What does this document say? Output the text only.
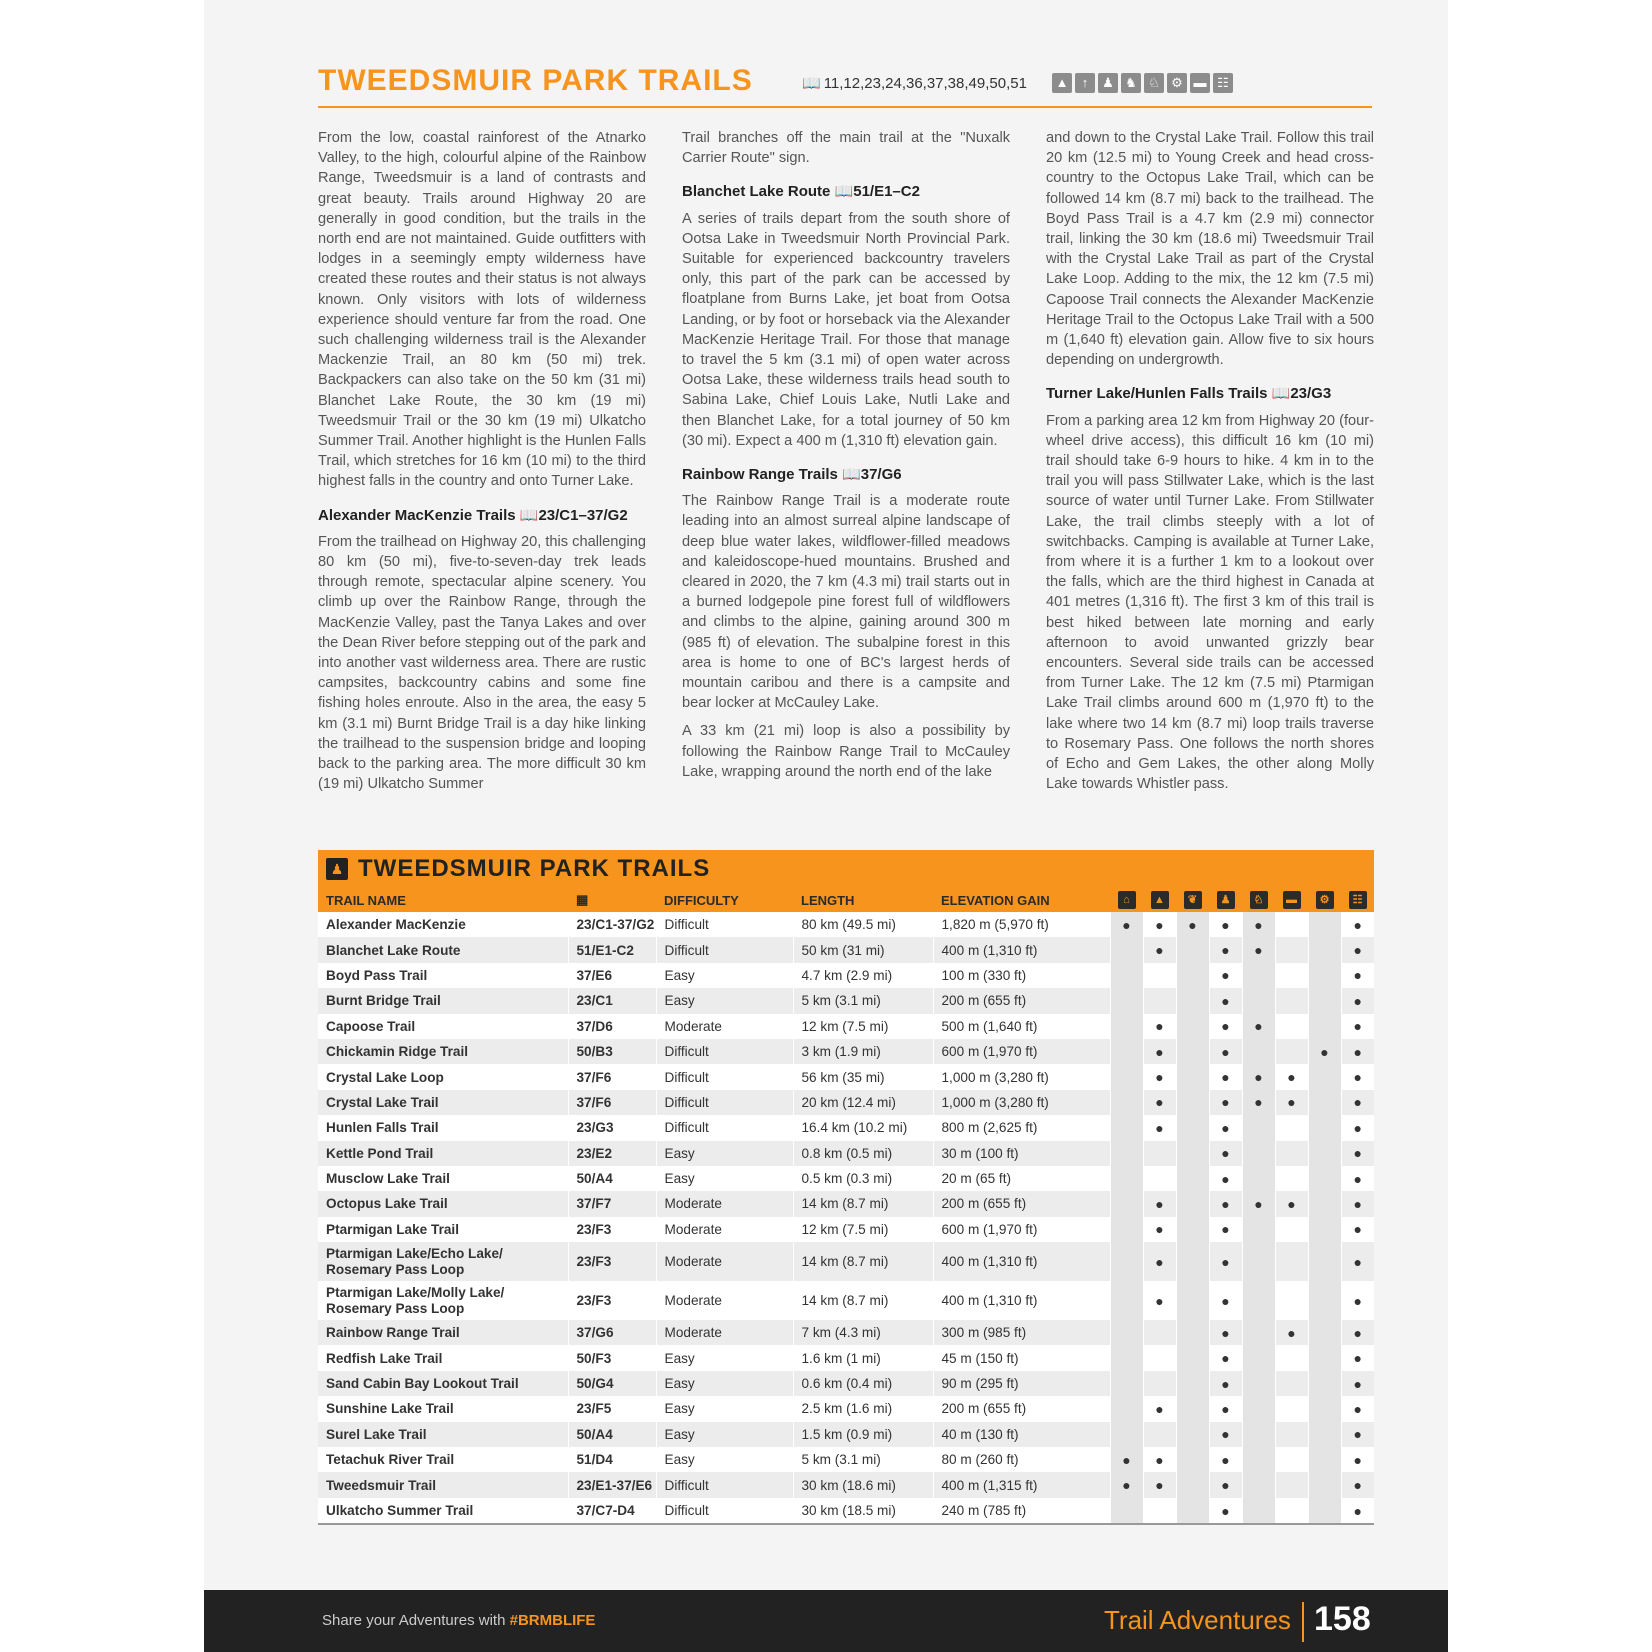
TWEEDSMUIR PARK TRAILS	📖 11,12,23,24,36,37,38,49,50,51 ▲	↑	♟ ♞ ♘ ⚙ ▬ ☷

From the low, coastal rainforest of the Atnarko Valley, to the high, colourful alpine of the Rainbow Range, Tweedsmuir is a land of contrasts and great beauty. Trails around Highway 20 are generally in good condition, but the trails in the north end are not maintained. Guide outfitters with lodges in a seemingly empty wilderness have created these routes and their status is not always known. Only visitors with lots of wilderness experience should venture far from the road. One such challenging wilderness trail is the Alexander Mackenzie Trail, an 80 km (50 mi) trek. Backpackers can also take on the 50 km (31 mi) Blanchet Lake Route, the 30 km (19 mi) Tweedsmuir Trail or the 30 km (19 mi) Ulkatcho Summer Trail. Another highlight is the Hunlen Falls Trail, which stretches for 16 km (10 mi) to the third highest falls in the country and onto Turner Lake.

Alexander MacKenzie Trails 📖23/C1–37/G2

From the trailhead on Highway 20, this challenging 80 km (50 mi), five-to-seven-day trek leads through remote, spectacular alpine scenery. You climb up over the Rainbow Range, through the MacKenzie Valley, past the Tanya Lakes and over the Dean River before stepping out of the park and into another vast wilderness area. There are rustic campsites, backcountry cabins and some fine fishing holes enroute. Also in the area, the easy 5 km (3.1 mi) Burnt Bridge Trail is a day hike linking the trailhead to the suspension bridge and looping back to the parking area. The more difficult 30 km (19 mi) Ulkatcho Summer

Trail branches off the main trail at the "Nuxalk Carrier Route" sign.

Blanchet Lake Route 📖51/E1–C2

A series of trails depart from the south shore of Ootsa Lake in Tweedsmuir North Provincial Park. Suitable for experienced backcountry travelers only, this part of the park can be accessed by floatplane from Burns Lake, jet boat from Ootsa Landing, or by foot or horseback via the Alexander MacKenzie Heritage Trail. For those that manage to travel the 5 km (3.1 mi) of open water across Ootsa Lake, these wilderness trails head south to Sabina Lake, Chief Louis Lake, Nutli Lake and then Blanchet Lake, for a total journey of 50 km (30 mi). Expect a 400 m (1,310 ft) elevation gain.

Rainbow Range Trails 📖37/G6

The Rainbow Range Trail is a moderate route leading into an almost surreal alpine landscape of deep blue water lakes, wildflower-filled meadows and kaleidoscope-hued mountains. Brushed and cleared in 2020, the 7 km (4.3 mi) trail starts out in a burned lodgepole pine forest full of wildflowers and climbs to the alpine, gaining around 300 m (985 ft) of elevation. The subalpine forest in this area is home to one of BC's largest herds of mountain caribou and there is a campsite and bear locker at McCauley Lake.

A 33 km (21 mi) loop is also a possibility by following the Rainbow Range Trail to McCauley Lake, wrapping around the north end of the lake

and down to the Crystal Lake Trail. Follow this trail 20 km (12.5 mi) to Young Creek and head cross-country to the Octopus Lake Trail, which can be followed 14 km (8.7 mi) back to the trailhead. The Boyd Pass Trail is a 4.7 km (2.9 mi) connector trail, linking the 30 km (18.6 mi) Tweedsmuir Trail with the Crystal Lake Trail as part of the Crystal Lake Loop. Adding to the mix, the 12 km (7.5 mi) Capoose Trail connects the Alexander MacKenzie Heritage Trail to the Octopus Lake Trail with a 500 m (1,640 ft) elevation gain. Allow five to six hours depending on undergrowth.

Turner Lake/Hunlen Falls Trails 📖23/G3

From a parking area 12 km from Highway 20 (four-wheel drive access), this difficult 16 km (10 mi) trail should take 6-9 hours to hike. 4 km in to the trail you will pass Stillwater Lake, which is the last source of water until Turner Lake. From Stillwater Lake, the trail climbs steeply with a lot of switchbacks. Camping is available at Turner Lake, from where it is a further 1 km to a lookout over the falls, which are the third highest in Canada at 401 metres (1,316 ft). The first 3 km of this trail is best hiked between late morning and early afternoon to avoid unwanted grizzly bear encounters. Several side trails can be accessed from Turner Lake. The 12 km (7.5 mi) Ptarmigan Lake Trail climbs around 600 m (1,970 ft) to the lake where two 14 km (8.7 mi) loop trails traverse to Rosemary Pass. One follows the north shores of Echo and Gem Lakes, the other along Molly Lake towards Whistler pass.

♟ TWEEDSMUIR PARK TRAILS
TRAIL NAME	▦	DIFFICULTY	LENGTH	ELEVATION GAIN	⌂	▲	❦	♟	♘	▬	⚙	☷
Alexander MacKenzie	23/C1-37/G2	Difficult	80 km (49.5 mi)	1,820 m (5,970 ft)	●	●	●	●	●			●
Blanchet Lake Route	51/E1-C2	Difficult	50 km (31 mi)	400 m (1,310 ft)		●		●	●			●
Boyd Pass Trail	37/E6	Easy	4.7 km (2.9 mi)	100 m (330 ft)				●				●
Burnt Bridge Trail	23/C1	Easy	5 km (3.1 mi)	200 m (655 ft)				●				●
Capoose Trail	37/D6	Moderate	12 km (7.5 mi)	500 m (1,640 ft)		●		●	●			●
Chickamin Ridge Trail	50/B3	Difficult	3 km (1.9 mi)	600 m (1,970 ft)		●		●			●	●
Crystal Lake Loop	37/F6	Difficult	56 km (35 mi)	1,000 m (3,280 ft)		●		●	●	●		●
Crystal Lake Trail	37/F6	Difficult	20 km (12.4 mi)	1,000 m (3,280 ft)		●		●	●	●		●
Hunlen Falls Trail	23/G3	Difficult	16.4 km (10.2 mi)	800 m (2,625 ft)		●		●				●
Kettle Pond Trail	23/E2	Easy	0.8 km (0.5 mi)	30 m (100 ft)				●				●
Musclow Lake Trail	50/A4	Easy	0.5 km (0.3 mi)	20 m (65 ft)				●				●
Octopus Lake Trail	37/F7	Moderate	14 km (8.7 mi)	200 m (655 ft)		●		●	●	●		●
Ptarmigan Lake Trail	23/F3	Moderate	12 km (7.5 mi)	600 m (1,970 ft)		●		●				●
Ptarmigan Lake/Echo Lake/ Rosemary Pass Loop	23/F3	Moderate	14 km (8.7 mi)	400 m (1,310 ft)		●		●				●
Ptarmigan Lake/Molly Lake/ Rosemary Pass Loop	23/F3	Moderate	14 km (8.7 mi)	400 m (1,310 ft)		●		●				●
Rainbow Range Trail	37/G6	Moderate	7 km (4.3 mi)	300 m (985 ft)				●		●		●
Redfish Lake Trail	50/F3	Easy	1.6 km (1 mi)	45 m (150 ft)				●				●
Sand Cabin Bay Lookout Trail	50/G4	Easy	0.6 km (0.4 mi)	90 m (295 ft)				●				●
Sunshine Lake Trail	23/F5	Easy	2.5 km (1.6 mi)	200 m (655 ft)		●		●				●
Surel Lake Trail	50/A4	Easy	1.5 km (0.9 mi)	40 m (130 ft)				●				●
Tetachuk River Trail	51/D4	Easy	5 km (3.1 mi)	80 m (260 ft)	●	●		●				●
Tweedsmuir Trail	23/E1-37/E6	Difficult	30 km (18.6 mi)	400 m (1,315 ft)	●	●		●				●
Ulkatcho Summer Trail	37/C7-D4	Difficult	30 km (18.5 mi)	240 m (785 ft)				●				●
Share your Adventures with #BRMBLIFE	Trail Adventures 158
